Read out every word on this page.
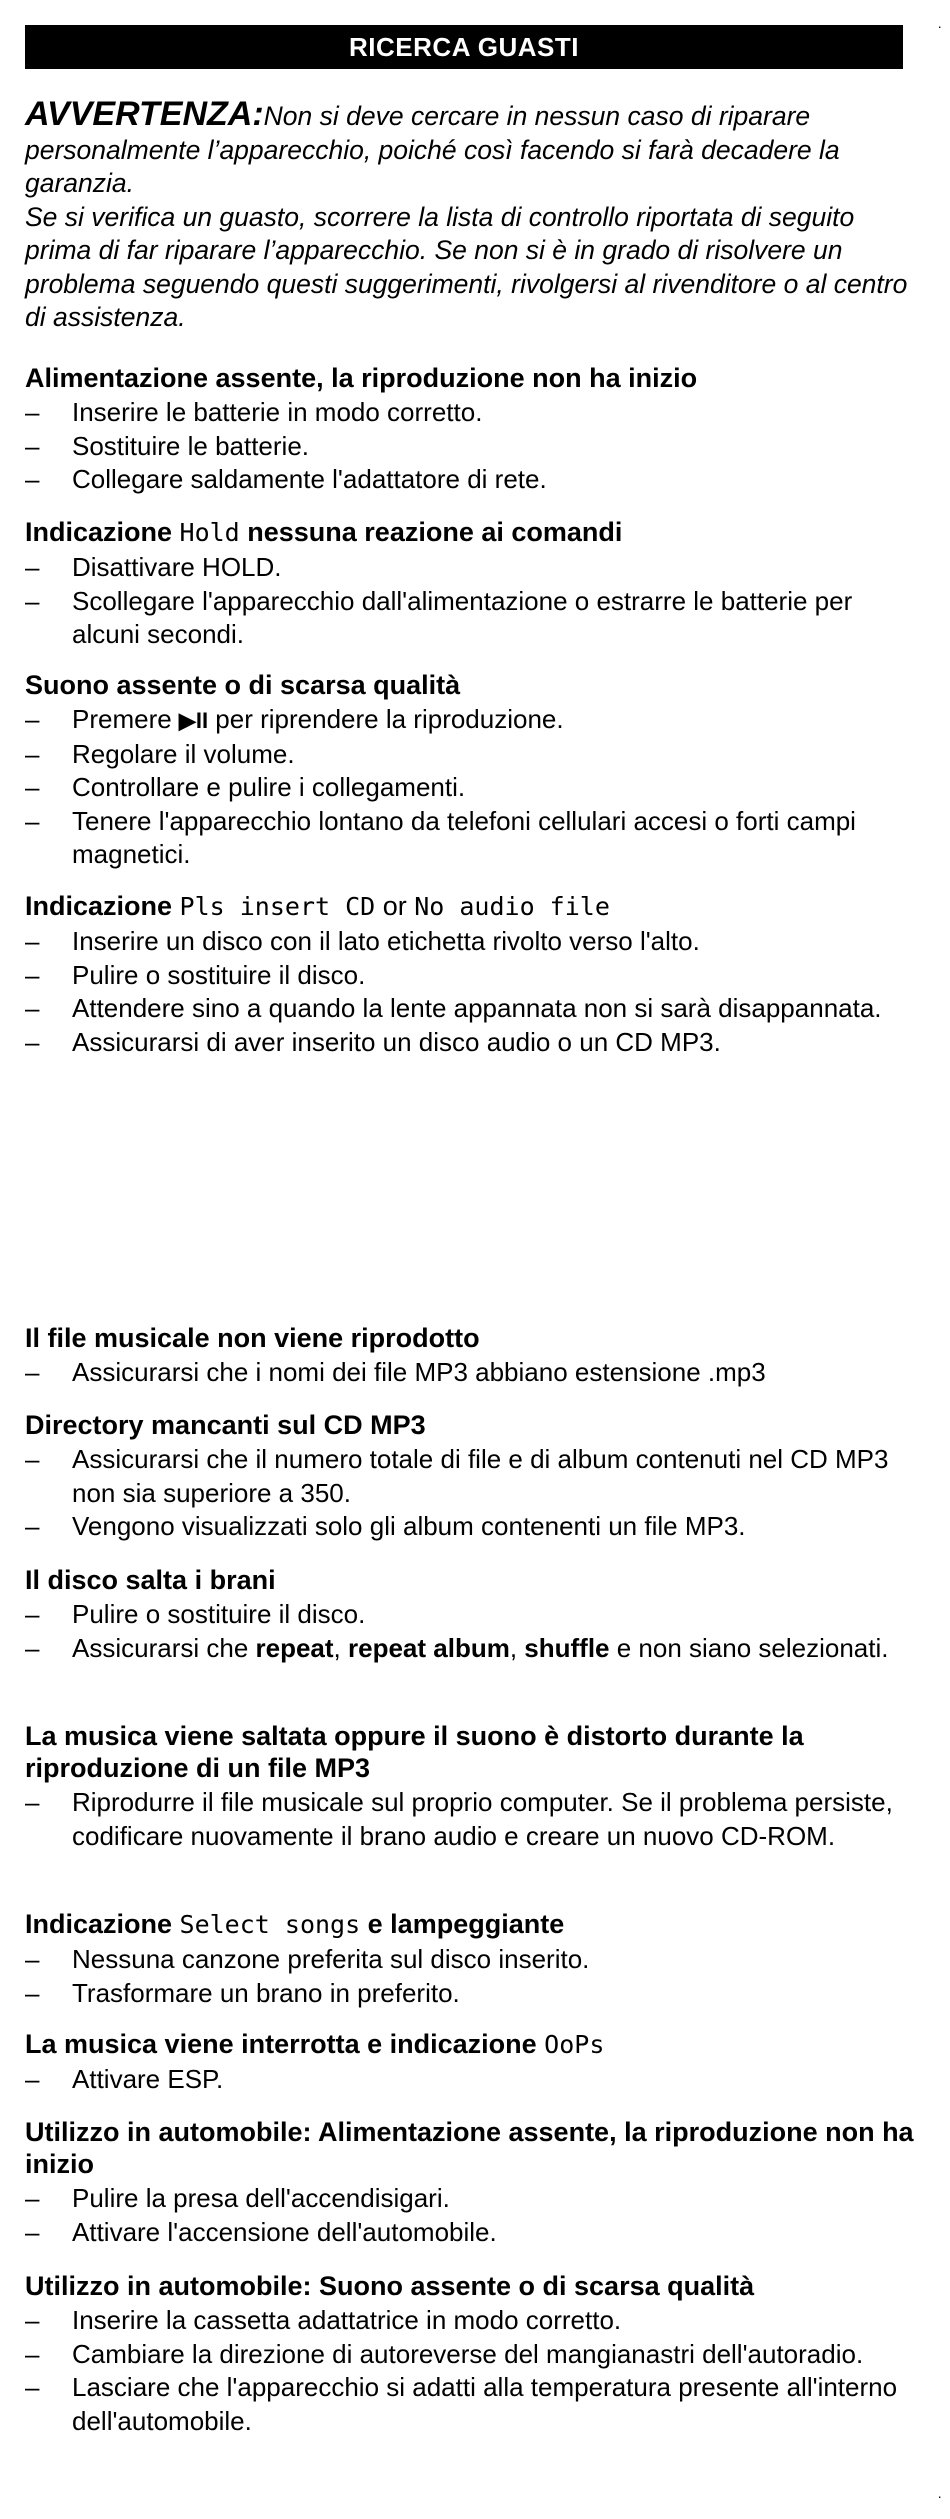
RICERCA GUASTI
AVVERTENZA:Non si deve cercare in nessun caso di riparare personalmente l’apparecchio, poiché così facendo si farà decadere la garanzia.
Se si verifica un guasto, scorrere la lista di controllo riportata di seguito prima di far riparare l’apparecchio. Se non si è in grado di risolvere un problema seguendo questi suggerimenti, rivolgersi al rivenditore o al centro di assistenza.
Alimentazione assente, la riproduzione non ha inizio
– Inserire le batterie in modo corretto.
– Sostituire le batterie.
– Collegare saldamente l'adattatore di rete.
Indicazione Hold nessuna reazione ai comandi
– Disattivare HOLD.
– Scollegare l'apparecchio dall'alimentazione o estrarre le batterie per alcuni secondi.
Suono assente o di scarsa qualità
– Premere ▶II per riprendere la riproduzione.
– Regolare il volume.
– Controllare e pulire i collegamenti.
– Tenere l'apparecchio lontano da telefoni cellulari accesi o forti campi magnetici.
Indicazione Pls insert CD or No audio file
– Inserire un disco con il lato etichetta rivolto verso l'alto.
– Pulire o sostituire il disco.
– Attendere sino a quando la lente appannata non si sarà disappannata.
– Assicurarsi di aver inserito un disco audio o un CD MP3.
Il file musicale non viene riprodotto
– Assicurarsi che i nomi dei file MP3 abbiano estensione .mp3
Directory mancanti sul CD MP3
– Assicurarsi che il numero totale di file e di album contenuti nel CD MP3 non sia superiore a 350.
– Vengono visualizzati solo gli album contenenti un file MP3.
Il disco salta i brani
– Pulire o sostituire il disco.
– Assicurarsi che repeat, repeat album, shuffle e non siano selezionati.
La musica viene saltata oppure il suono è distorto durante la riproduzione di un file MP3
– Riprodurre il file musicale sul proprio computer. Se il problema persiste, codificare nuovamente il brano audio e creare un nuovo CD-ROM.
Indicazione Select songs e lampeggiante
– Nessuna canzone preferita sul disco inserito.
– Trasformare un brano in preferito.
La musica viene interrotta e indicazione OoPs
– Attivare ESP.
Utilizzo in automobile: Alimentazione assente, la riproduzione non ha inizio
– Pulire la presa dell'accendisigari.
– Attivare l'accensione dell'automobile.
Utilizzo in automobile: Suono assente o di scarsa qualità
– Inserire la cassetta adattatrice in modo corretto.
– Cambiare la direzione di autoreverse del mangianastri dell'autoradio.
– Lasciare che l'apparecchio si adatti alla temperatura presente all'interno dell'automobile.
·
·
